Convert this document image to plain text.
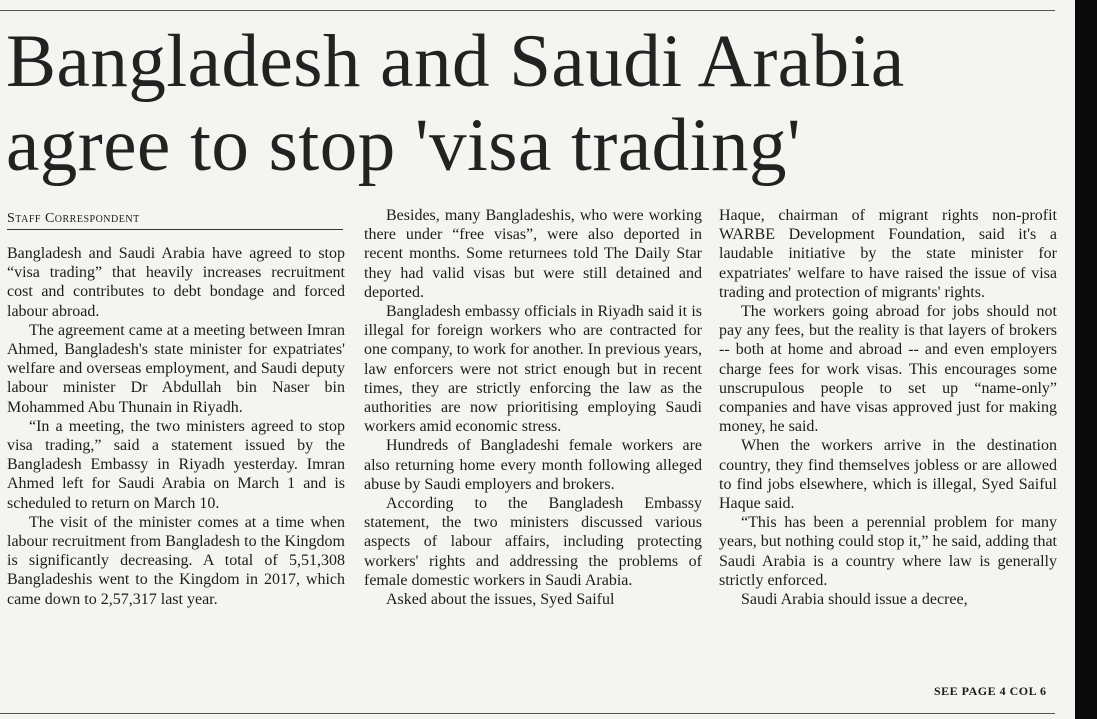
Bangladesh and Saudi Arabia agree to stop 'visa trading'
Staff Correspondent

Bangladesh and Saudi Arabia have agreed to stop “visa trading” that heavily increases recruitment cost and contributes to debt bondage and forced labour abroad.

The agreement came at a meeting between Imran Ahmed, Bangladesh's state minister for expatriates' welfare and overseas employment, and Saudi deputy labour minister Dr Abdullah bin Naser bin Mohammed Abu Thunain in Riyadh.

“In a meeting, the two ministers agreed to stop visa trading,” said a statement issued by the Bangladesh Embassy in Riyadh yesterday. Imran Ahmed left for Saudi Arabia on March 1 and is scheduled to return on March 10.

The visit of the minister comes at a time when labour recruitment from Bangladesh to the Kingdom is significantly decreasing. A total of 5,51,308 Bangladeshis went to the Kingdom in 2017, which came down to 2,57,317 last year.

Besides, many Bangladeshis, who were working there under “free visas”, were also deported in recent months. Some returnees told The Daily Star they had valid visas but were still detained and deported.

Bangladesh embassy officials in Riyadh said it is illegal for foreign workers who are contracted for one company, to work for another. In previous years, law enforcers were not strict enough but in recent times, they are strictly enforcing the law as the authorities are now prioritising employing Saudi workers amid economic stress.

Hundreds of Bangladeshi female workers are also returning home every month following alleged abuse by Saudi employers and brokers.

According to the Bangladesh Embassy statement, the two ministers discussed various aspects of labour affairs, including protecting workers' rights and addressing the problems of female domestic workers in Saudi Arabia.

Asked about the issues, Syed Saiful

Haque, chairman of migrant rights non-profit WARBE Development Foundation, said it's a laudable initiative by the state minister for expatriates' welfare to have raised the issue of visa trading and protection of migrants' rights.

The workers going abroad for jobs should not pay any fees, but the reality is that layers of brokers -- both at home and abroad -- and even employers charge fees for work visas. This encourages some unscrupulous people to set up “name-only” companies and have visas approved just for making money, he said.

When the workers arrive in the destination country, they find themselves jobless or are allowed to find jobs elsewhere, which is illegal, Syed Saiful Haque said.

“This has been a perennial problem for many years, but nothing could stop it,” he said, adding that Saudi Arabia is a country where law is generally strictly enforced.

Saudi Arabia should issue a decree,

SEE PAGE 4 COL 6
